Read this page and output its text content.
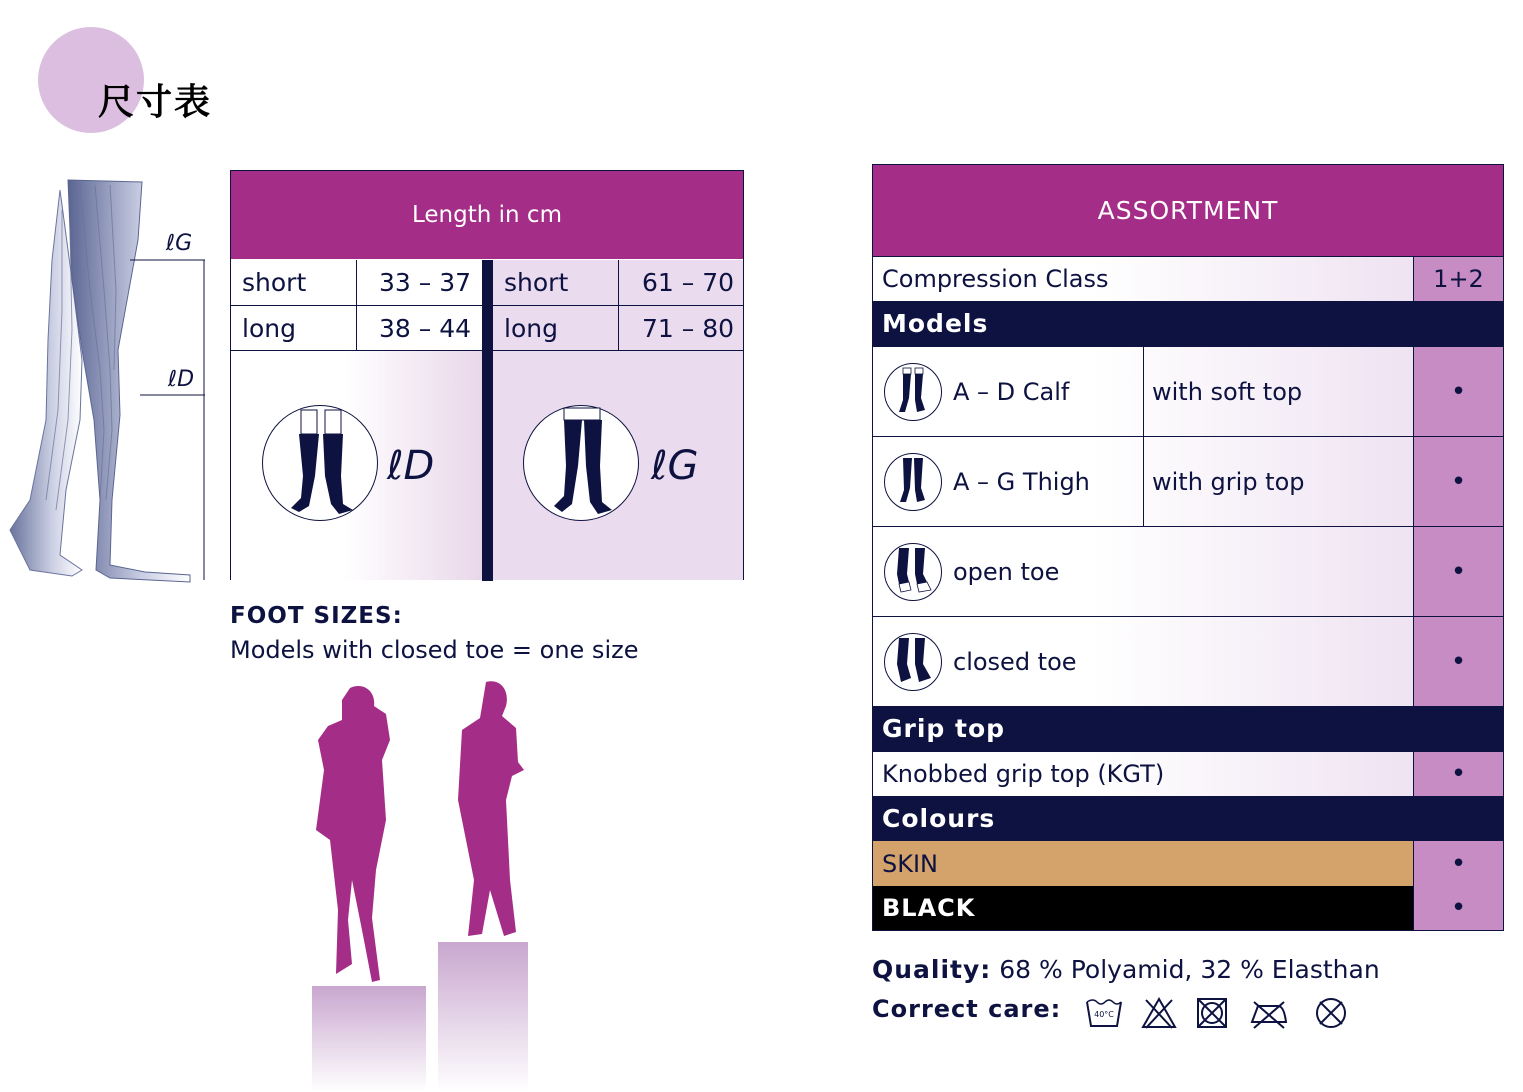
尺寸表
ℓG
ℓD
Length in cm
short	33 – 37	short	61 – 70
long	38 – 44	long	71 – 80
ℓD	ℓG
FOOT SIZES:
Models with closed toe = one size
ASSORTMENT
Compression Class	1+2
Models
A – D Calf	with soft top	•
A – G Thigh	with grip top	•
open toe	•
closed toe	•
Grip top
Knobbed grip top (KGT)	•
Colours
SKIN	•
BLACK	•
Quality: 68 % Polyamid, 32 % Elasthan
Correct care:	40°C
